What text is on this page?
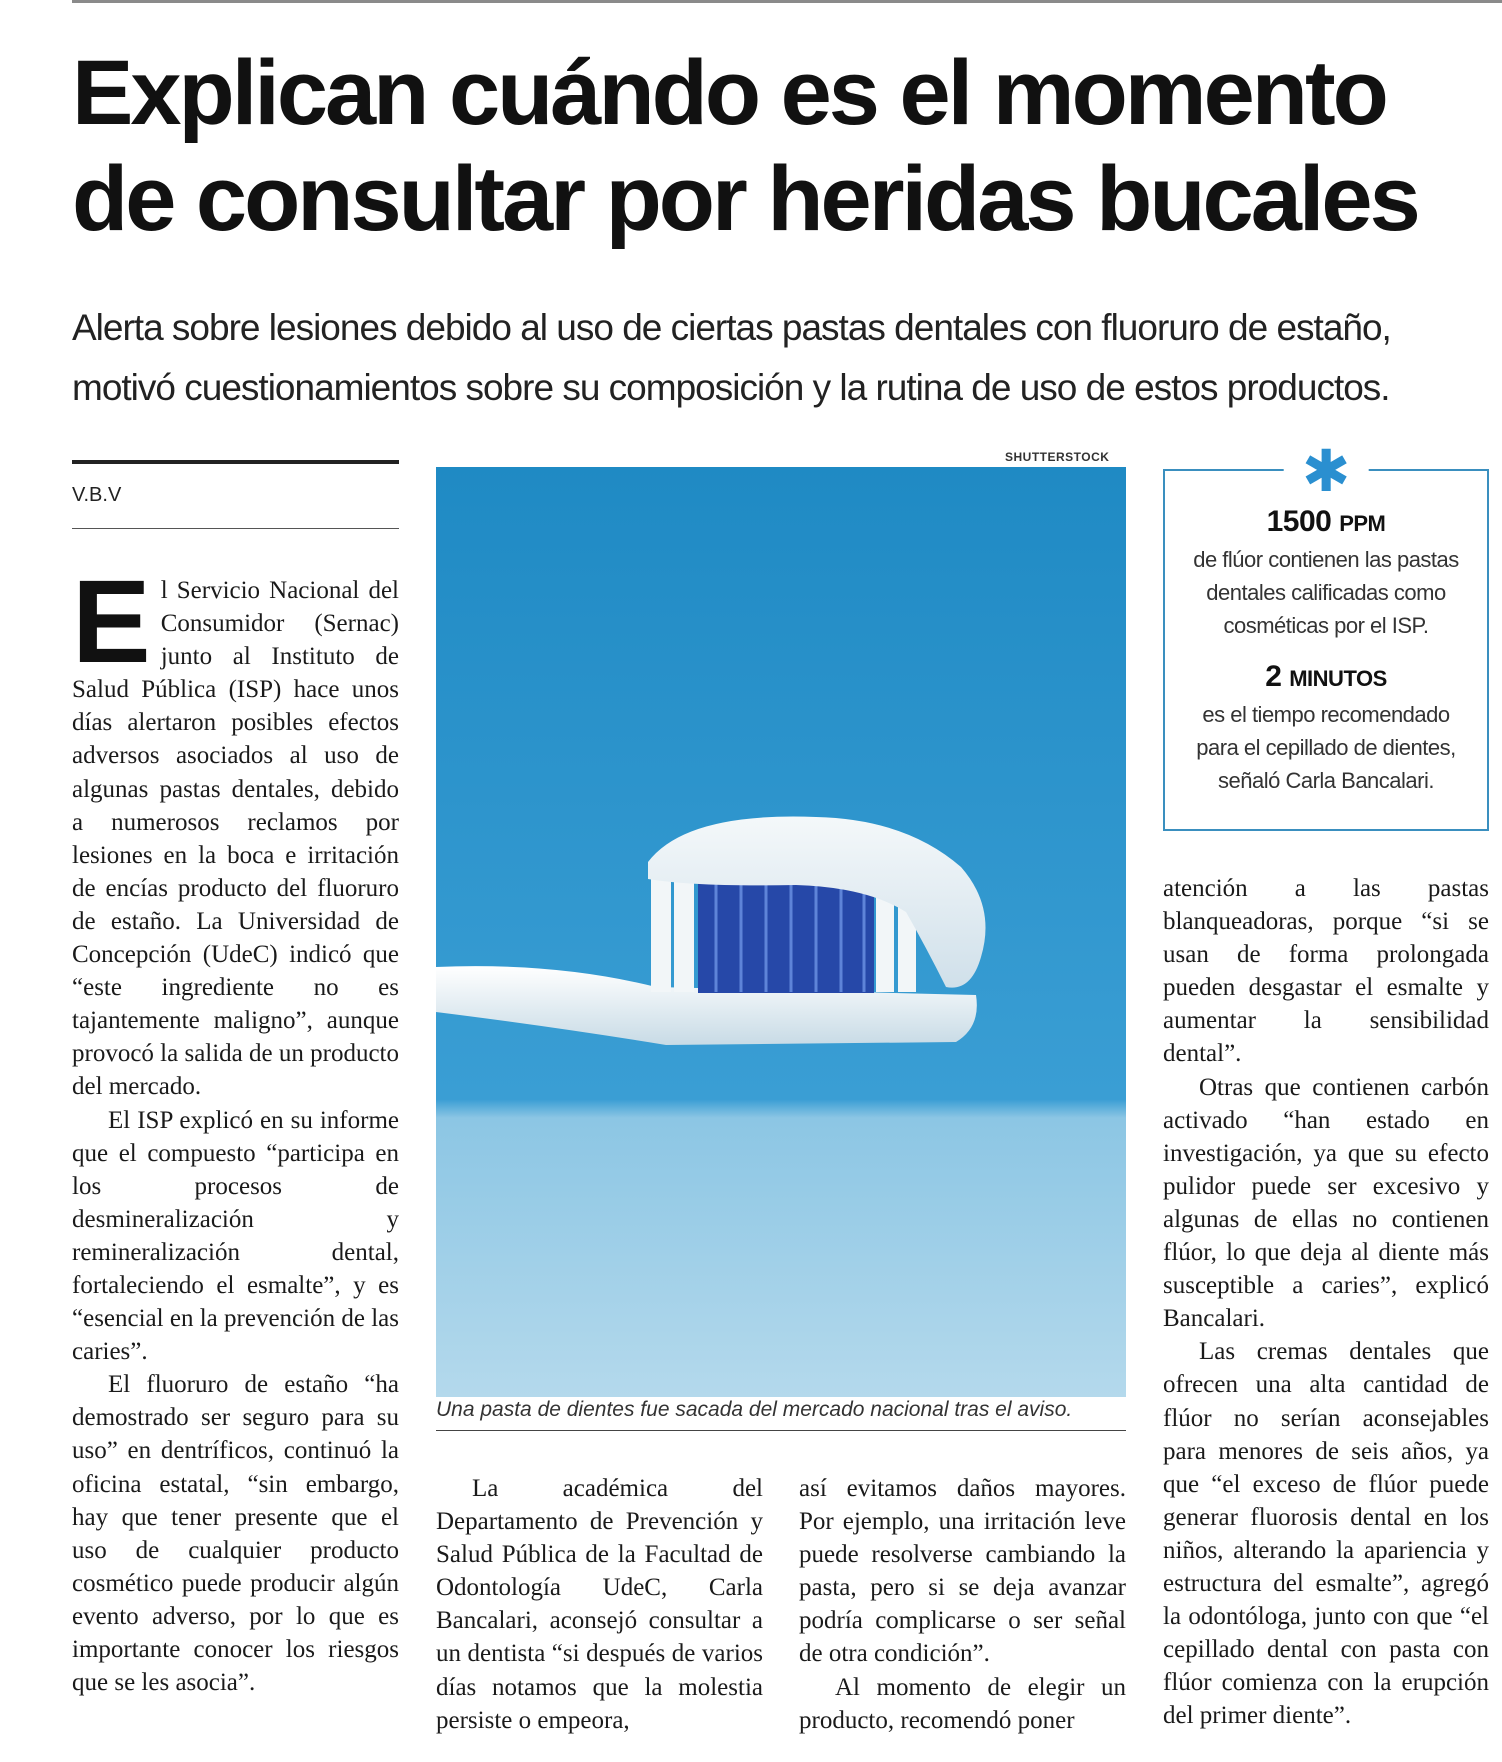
Explican cuándo es el momento
de consultar por heridas bucales
Alerta sobre lesiones debido al uso de ciertas pastas dentales con fluoruro de estaño,
motivó cuestionamientos sobre su composición y la rutina de uso de estos productos.
V.B.V

El Servicio Nacional del Consumidor (Sernac) junto al Instituto de Salud Pública (ISP) hace unos días alertaron posibles efectos adversos asociados al uso de algunas pastas dentales, debido a numerosos reclamos por lesiones en la boca e irritación de encías producto del fluoruro de estaño. La Universidad de Concepción (UdeC) indicó que “este ingrediente no es tajantemente maligno”, aunque provocó la salida de un producto del mercado.

El ISP explicó en su informe que el compuesto “participa en los procesos de desmineralización y remineralización dental, fortaleciendo el esmalte”, y es “esencial en la prevención de las caries”.

El fluoruro de estaño “ha demostrado ser seguro para su uso” en dentríficos, continuó la oficina estatal, “sin embargo, hay que tener presente que el uso de cualquier producto cosmético puede producir algún evento adverso, por lo que es importante conocer los riesgos que se les asocia”.

SHUTTERSTOCK
Una pasta de dientes fue sacada del mercado nacional tras el aviso.

La académica del Departamento de Prevención y Salud Pública de la Facultad de Odontología UdeC, Carla Bancalari, aconsejó consultar a un dentista “si después de varios días notamos que la molestia persiste o empeora,

así evitamos daños mayores. Por ejemplo, una irritación leve puede resolverse cambiando la pasta, pero si se deja avanzar podría complicarse o ser señal de otra condición”.

Al momento de elegir un producto, recomendó poner

✱
1500 PPM
de flúor contienen las pastas dentales calificadas como cosméticas por el ISP.
2 MINUTOS
es el tiempo recomendado para el cepillado de dientes, señaló Carla Bancalari.

atención a las pastas blanqueadoras, porque “si se usan de forma prolongada pueden desgastar el esmalte y aumentar la sensibilidad dental”.

Otras que contienen carbón activado “han estado en investigación, ya que su efecto pulidor puede ser excesivo y algunas de ellas no contienen flúor, lo que deja al diente más susceptible a caries”, explicó Bancalari.

Las cremas dentales que ofrecen una alta cantidad de flúor no serían aconsejables para menores de seis años, ya que “el exceso de flúor puede generar fluorosis dental en los niños, alterando la apariencia y estructura del esmalte”, agregó la odontóloga, junto con que “el cepillado dental con pasta con flúor comienza con la erupción del primer diente”.
